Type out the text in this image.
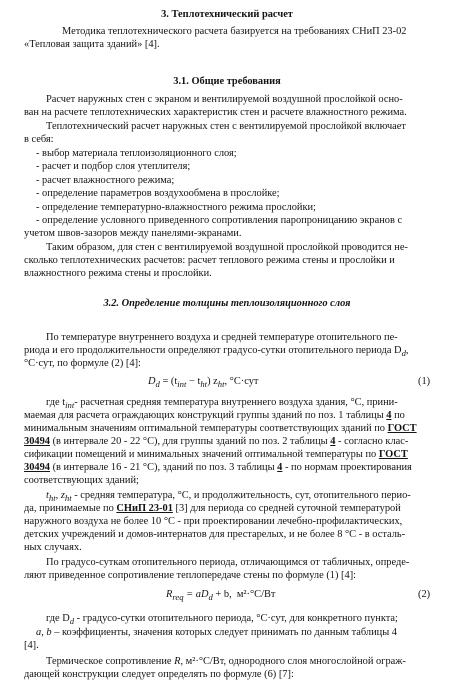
3. Теплотехнический расчет
Методика теплотехнического расчета базируется на требованиях СНиП 23-02
«Тепловая защита зданий» [4].
3.1. Общие требования
Расчет наружных стен с экраном и вентилируемой воздушной прослойкой осно-
ван на расчете теплотехнических характеристик стен и расчете влажностного режима.
Теплотехнический расчет наружных стен с вентилируемой прослойкой включает
в себя:
- выбор материала теплоизоляционного слоя;
- расчет и подбор слоя утеплителя;
- расчет влажностного режима;
- определение параметров воздухообмена в прослойке;
- определение температурно-влажностного режима прослойки;
- определение условного приведенного сопротивления паропроницанию экранов с
учетом швов-зазоров между панелями-экранами.
Таким образом, для стен с вентилируемой воздушной прослойкой проводится не-
сколько теплотехнических расчетов: расчет теплового режима стены и прослойки и
влажностного режима стены и прослойки.
3.2. Определение толщины теплоизоляционного слоя
По температуре внутреннего воздуха и средней температуре отопительного пе-
риода и его продолжительности определяют градусо-сутки отопительного периода $D_d$,
°С·сут, по формуле (2) [4]:
$D_d = (t_{int} - t_{ht})$ $z_{ht}$, °С·сут	(1)
где $t_{int}-$ расчетная средняя температура внутреннего воздуха здания, °С, прини-
маемая для расчета ограждающих конструкций группы зданий по поз. 1 таблицы 4 по
минимальным значениям оптимальной температуры соответствующих зданий по ГОСТ
30494 (в интервале 20 - 22 °С), для группы зданий по поз. 2 таблицы 4 - согласно клас-
сификации помещений и минимальных значений оптимальной температуры по ГОСТ
30494 (в интервале 16 - 21 °С), зданий по поз. 3 таблицы 4 - по нормам проектирования
соответствующих зданий;
$t_{ht}$, $z_{ht}$ - средняя температура, °С, и продолжительность, сут, отопительного перио-
да, принимаемые по СНиП 23-01 [3] для периода со средней суточной температурой
наружного воздуха не более 10 °С - при проектировании лечебно-профилактических,
детских учреждений и домов-интернатов для престарелых, и не более 8 °С - в осталь-
ных случаях.
По градусо-суткам отопительного периода, отличающимся от табличных, опреде-
ляют приведенное сопротивление теплопередаче стены по формуле (1) [4]:
$R_{req} = aD_d + b$,  м²·°С/Вт	(2)
где $D_d$ - градусо-сутки отопительного периода, °С·сут, для конкретного пункта;
a, b – коэффициенты, значения которых следует принимать по данным таблицы 4
[4].
Термическое сопротивление R, м²·°С/Вт, однородного слоя многослойной ограж-
дающей конструкции следует определять по формуле (6) [7]:
